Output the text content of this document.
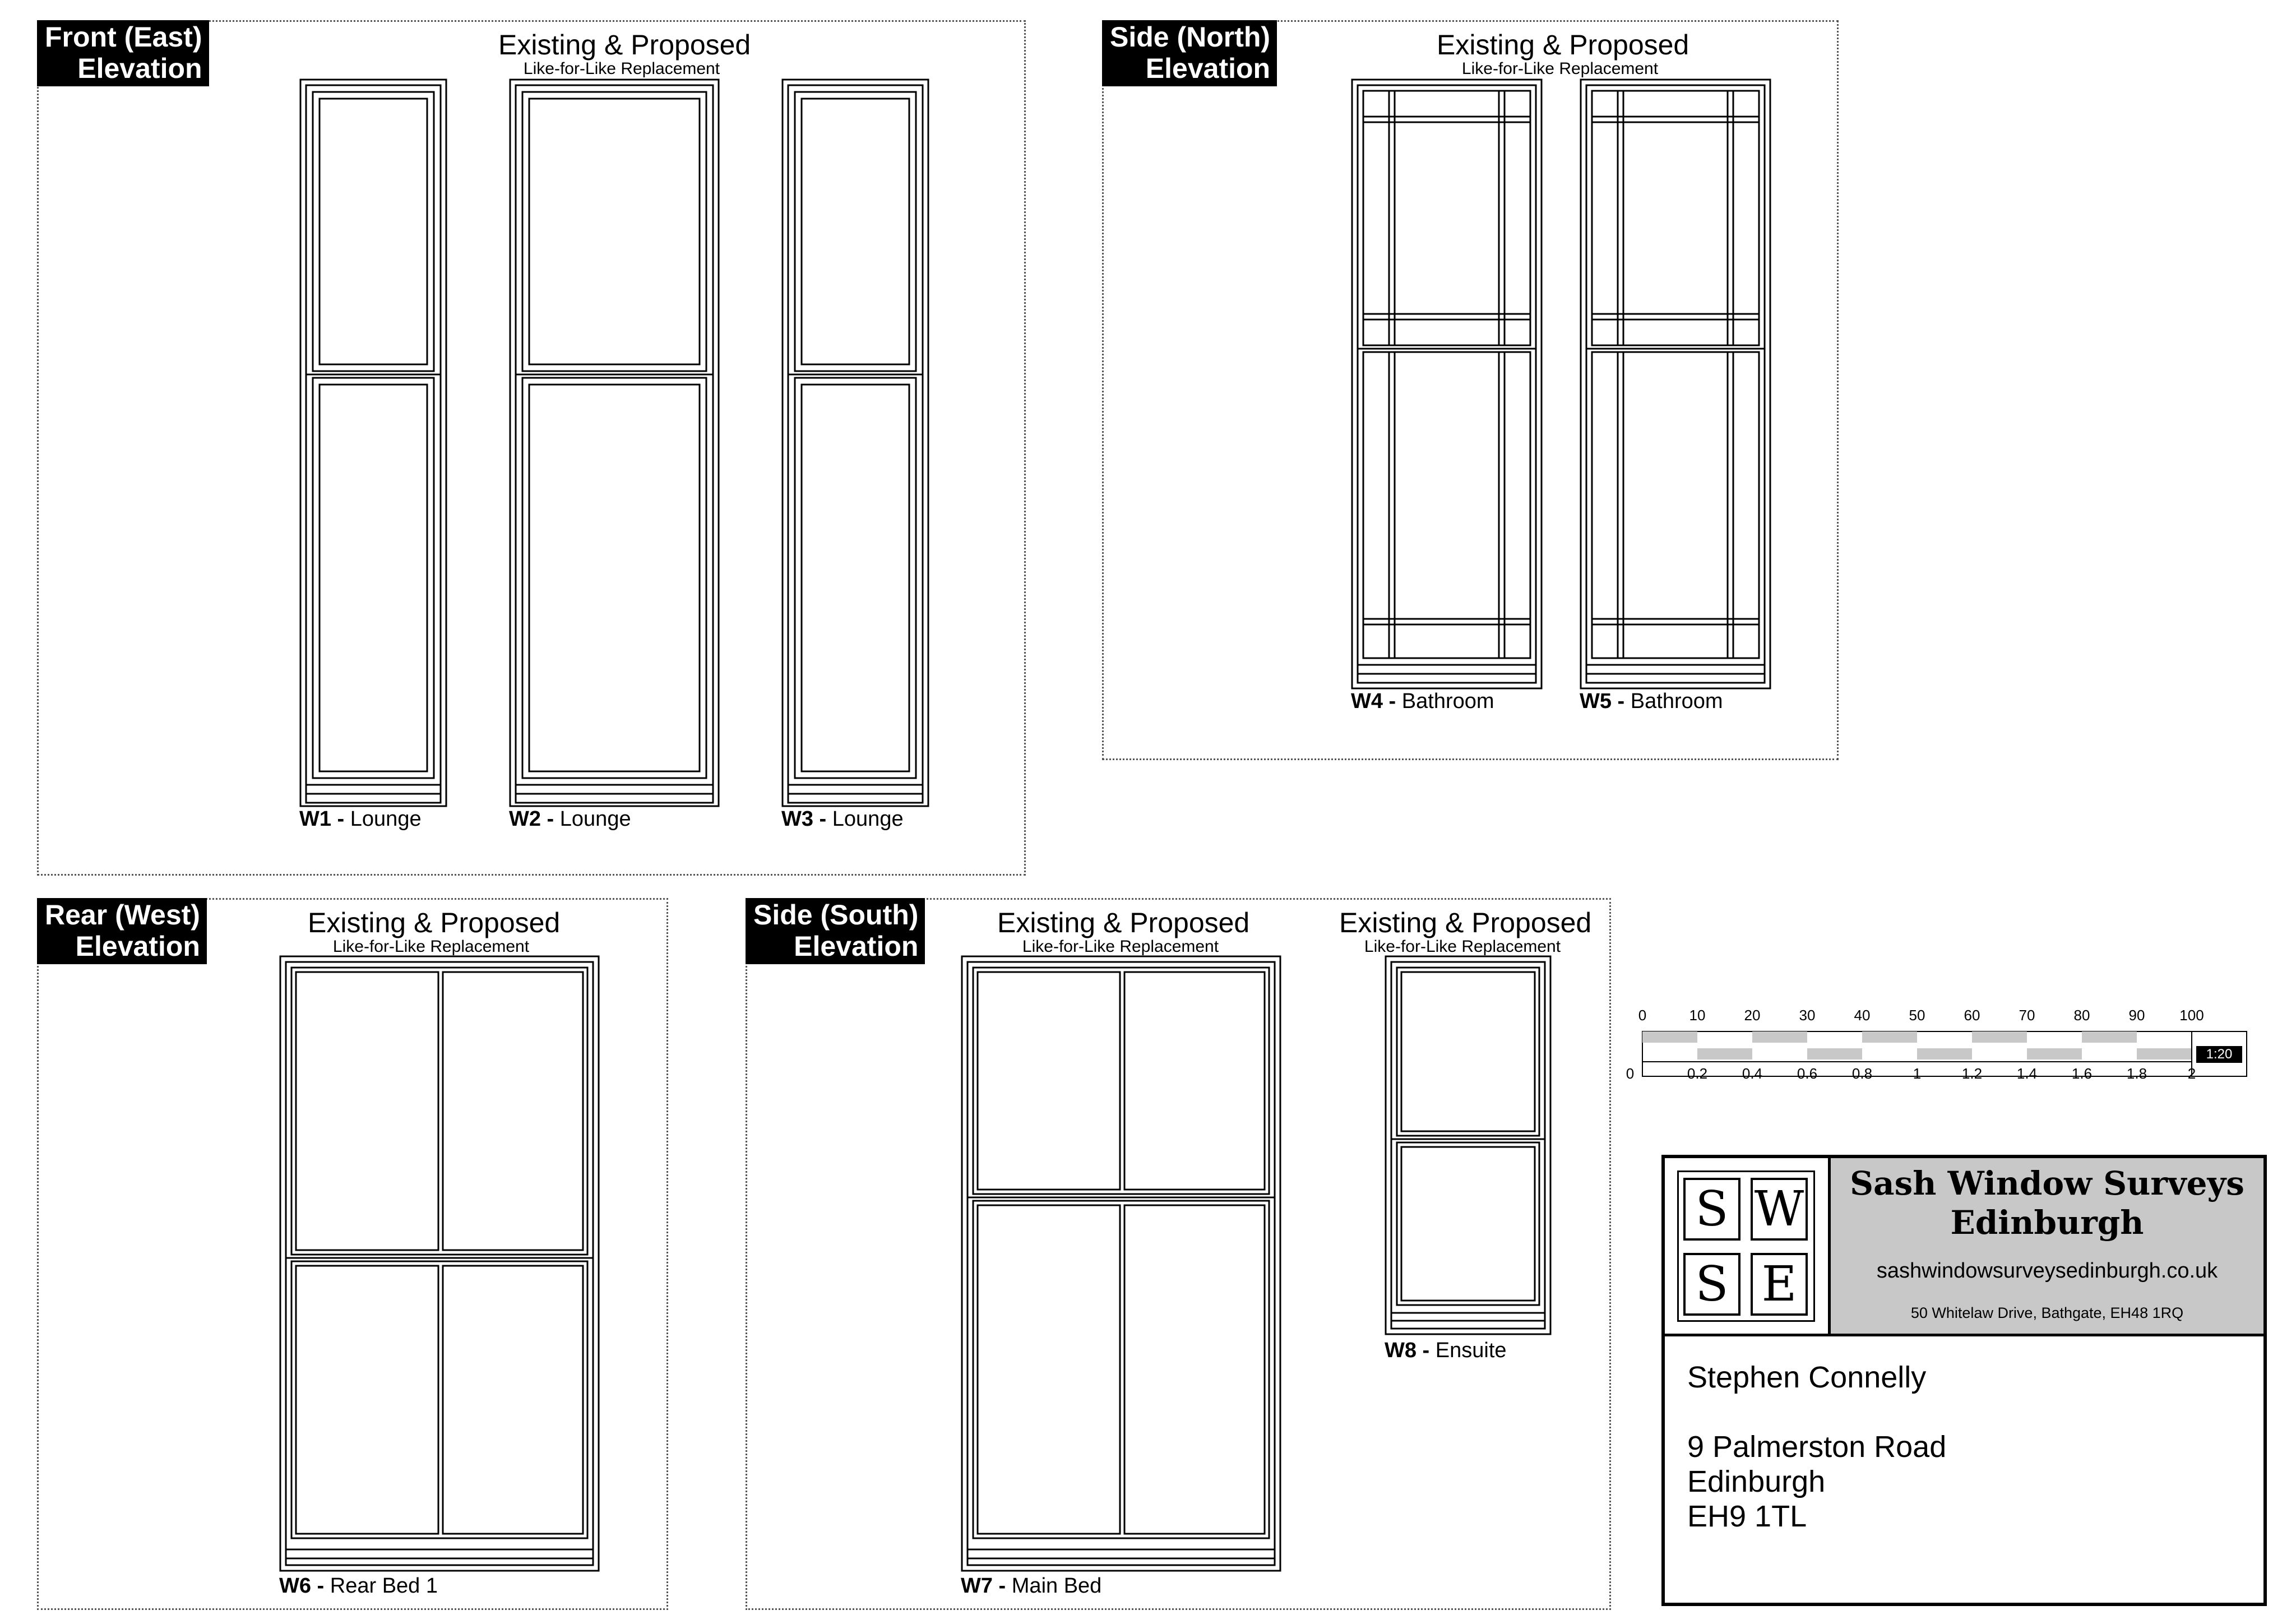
Front (East)
Elevation
Existing & Proposed
Like-for-Like Replacement
W1 - Lounge	W2 - Lounge	W3 - Lounge
Side (North)
Elevation
Existing & Proposed
Like-for-Like Replacement
W4 - Bathroom	W5 - Bathroom
Rear (West)
Elevation
Existing & Proposed
Like-for-Like Replacement
W6 - Rear Bed 1
Side (South)
Elevation
Existing & Proposed
Like-for-Like Replacement
Existing & Proposed
Like-for-Like Replacement
W7 - Main Bed
W8 - Ensuite
0	10	20	30	40	50	60	70	80	90 100
1:20
0	0.2 0.4 0.6 0.8	1	1.2 1.4 1.6 1.8	2
S W
S E
Sash Window Surveys
Edinburgh
sashwindowsurveysedinburgh.co.uk
50 Whitelaw Drive, Bathgate, EH48 1RQ
Stephen Connelly
9 Palmerston Road
Edinburgh
EH9 1TL
